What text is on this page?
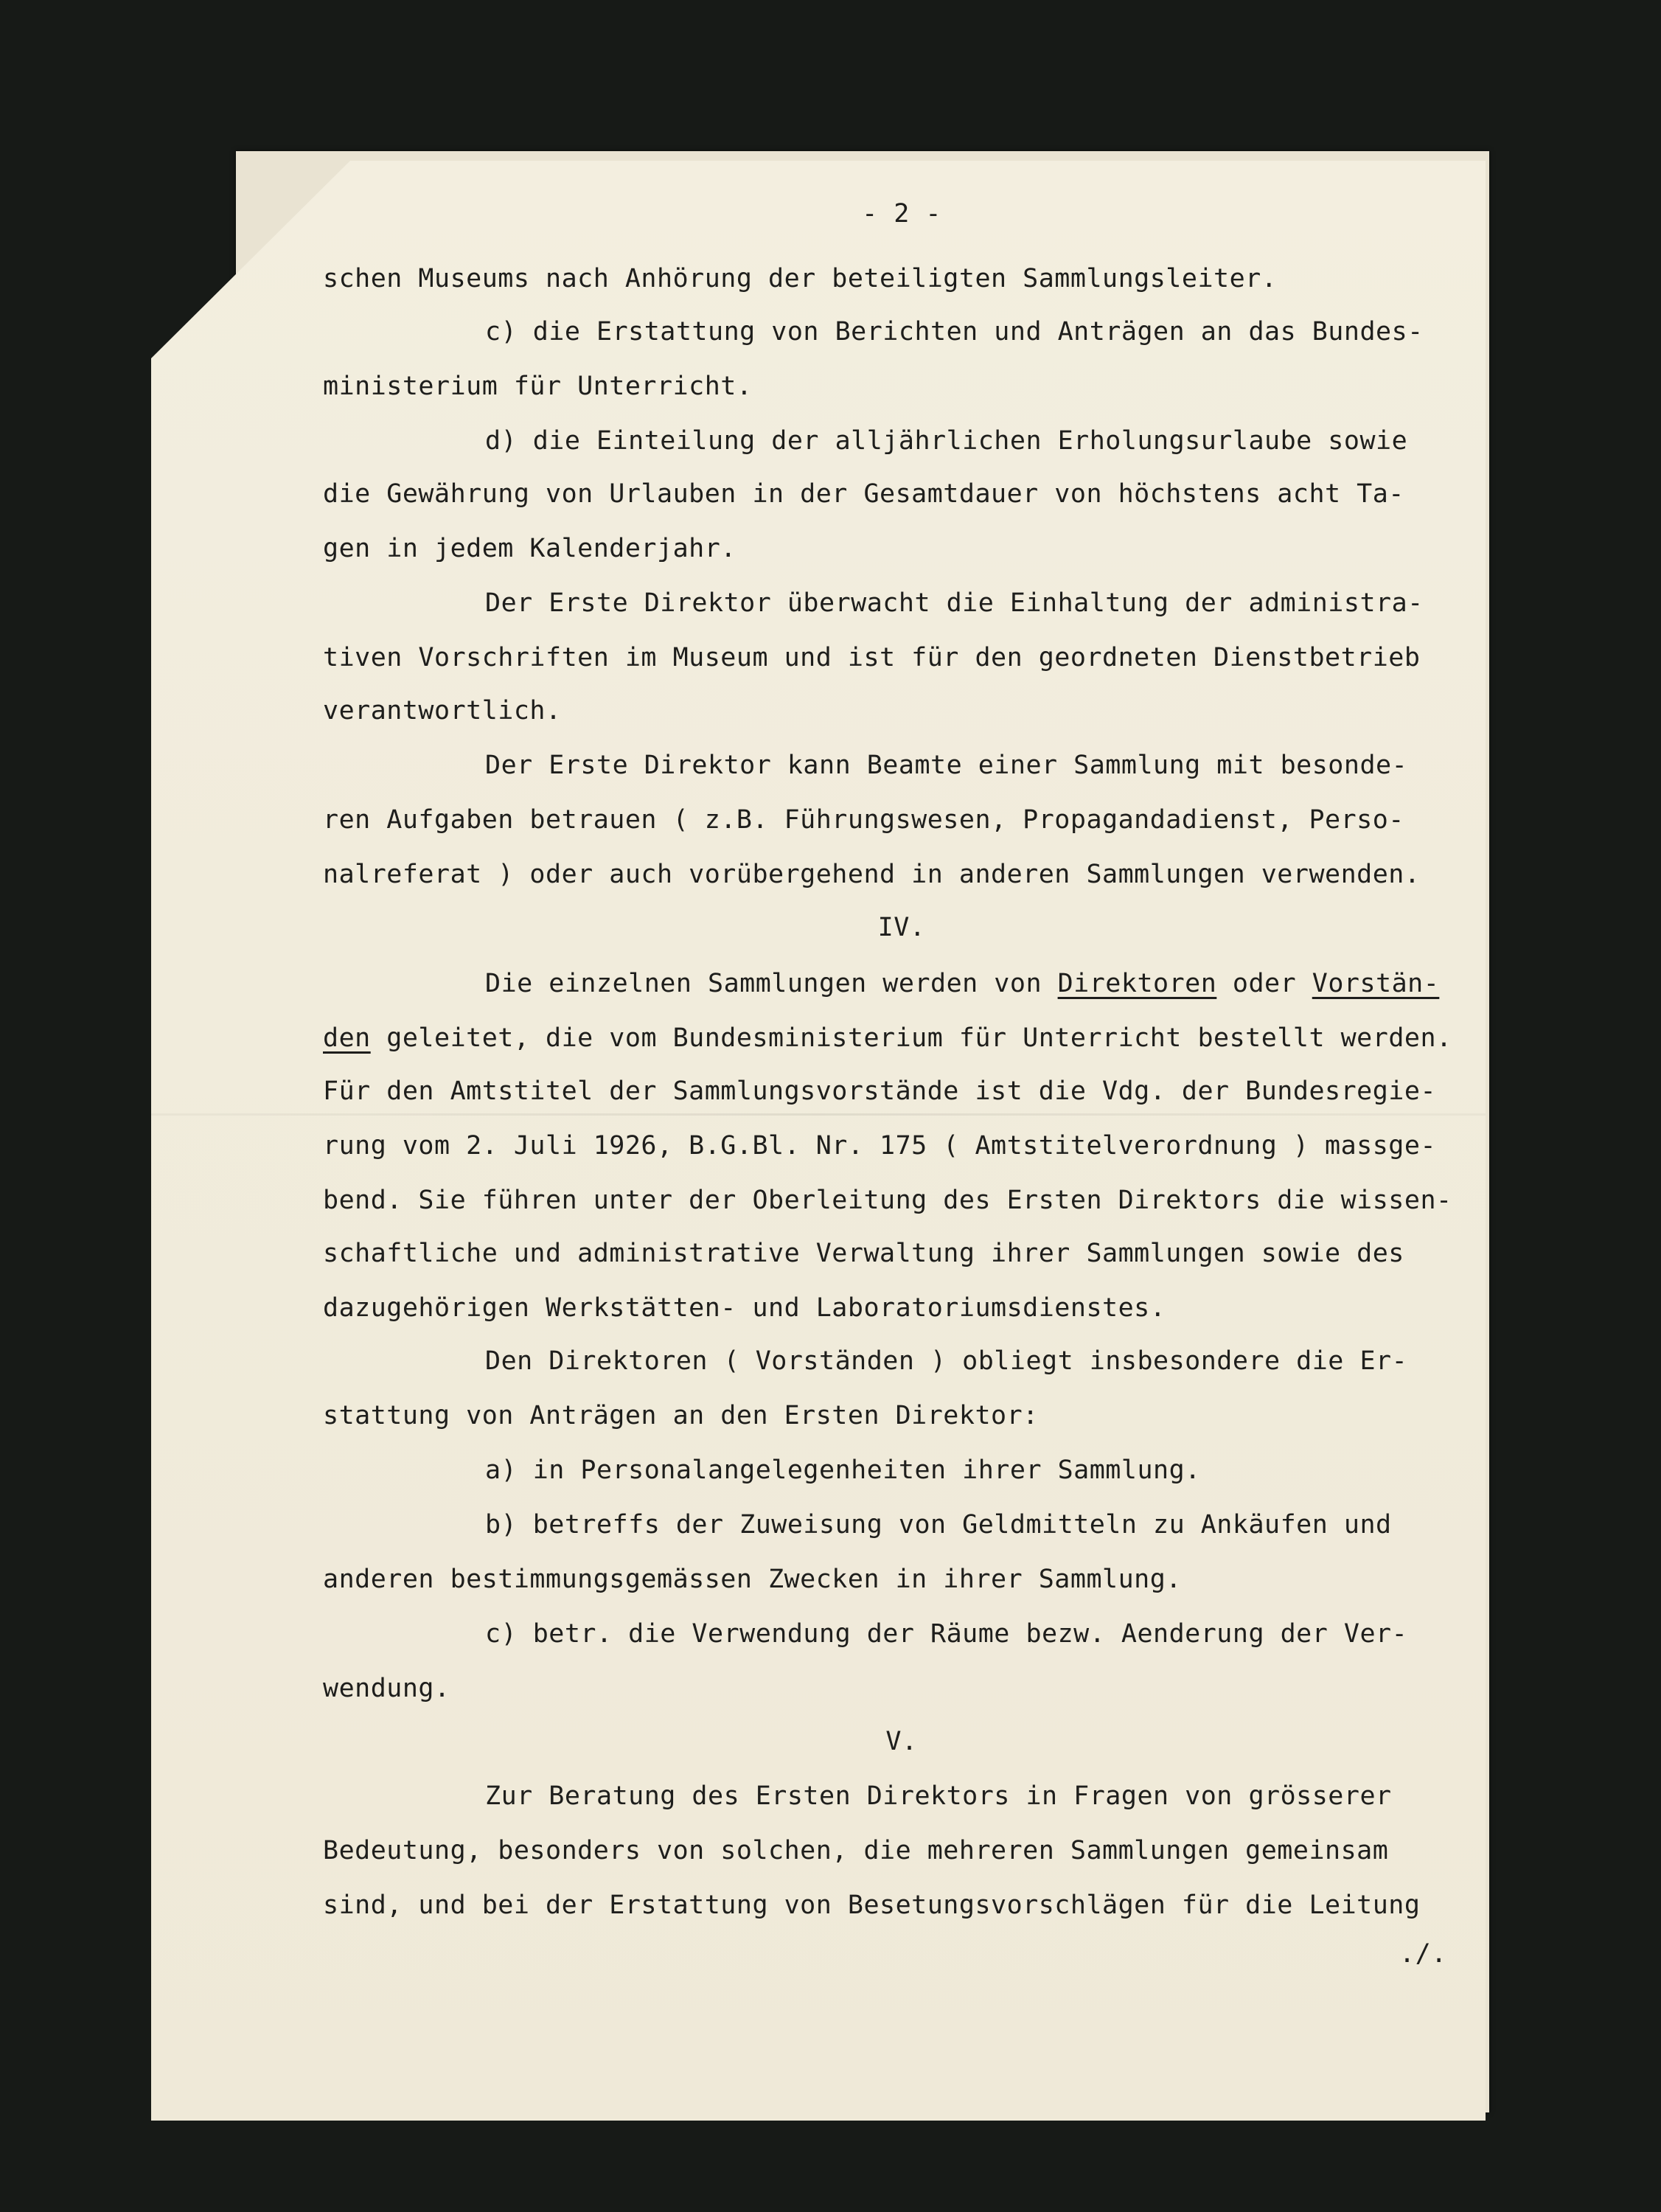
- 2 -
schen Museums nach Anhörung der beteiligten Sammlungsleiter.
c) die Erstattung von Berichten und Anträgen an das Bundes-
ministerium für Unterricht.
d) die Einteilung der alljährlichen Erholungsurlaube sowie
die Gewährung von Urlauben in der Gesamtdauer von höchstens acht Ta-
gen in jedem Kalenderjahr.
Der Erste Direktor überwacht die Einhaltung der administra-
tiven Vorschriften im Museum und ist für den geordneten Dienstbetrieb
verantwortlich.
Der Erste Direktor kann Beamte einer Sammlung mit besonde-
ren Aufgaben betrauen ( z.B. Führungswesen, Propagandadienst, Perso-
nalreferat ) oder auch vorübergehend in anderen Sammlungen verwenden.
IV.
Die einzelnen Sammlungen werden von Direktoren oder Vorstän-
den geleitet, die vom Bundesministerium für Unterricht bestellt werden.
Für den Amtstitel der Sammlungsvorstände ist die Vdg. der Bundesregie-
rung vom 2. Juli 1926, B.G.Bl. Nr. 175 ( Amtstitelverordnung ) massge-
bend. Sie führen unter der Oberleitung des Ersten Direktors die wissen-
schaftliche und administrative Verwaltung ihrer Sammlungen sowie des
dazugehörigen Werkstätten- und Laboratoriumsdienstes.
Den Direktoren ( Vorständen ) obliegt insbesondere die Er-
stattung von Anträgen an den Ersten Direktor:
a) in Personalangelegenheiten ihrer Sammlung.
b) betreffs der Zuweisung von Geldmitteln zu Ankäufen und
anderen bestimmungsgemässen Zwecken in ihrer Sammlung.
c) betr. die Verwendung der Räume bezw. Aenderung der Ver-
wendung.
V.
Zur Beratung des Ersten Direktors in Fragen von grösserer
Bedeutung, besonders von solchen, die mehreren Sammlungen gemeinsam
sind, und bei der Erstattung von Besetungsvorschlägen für die Leitung
./.
